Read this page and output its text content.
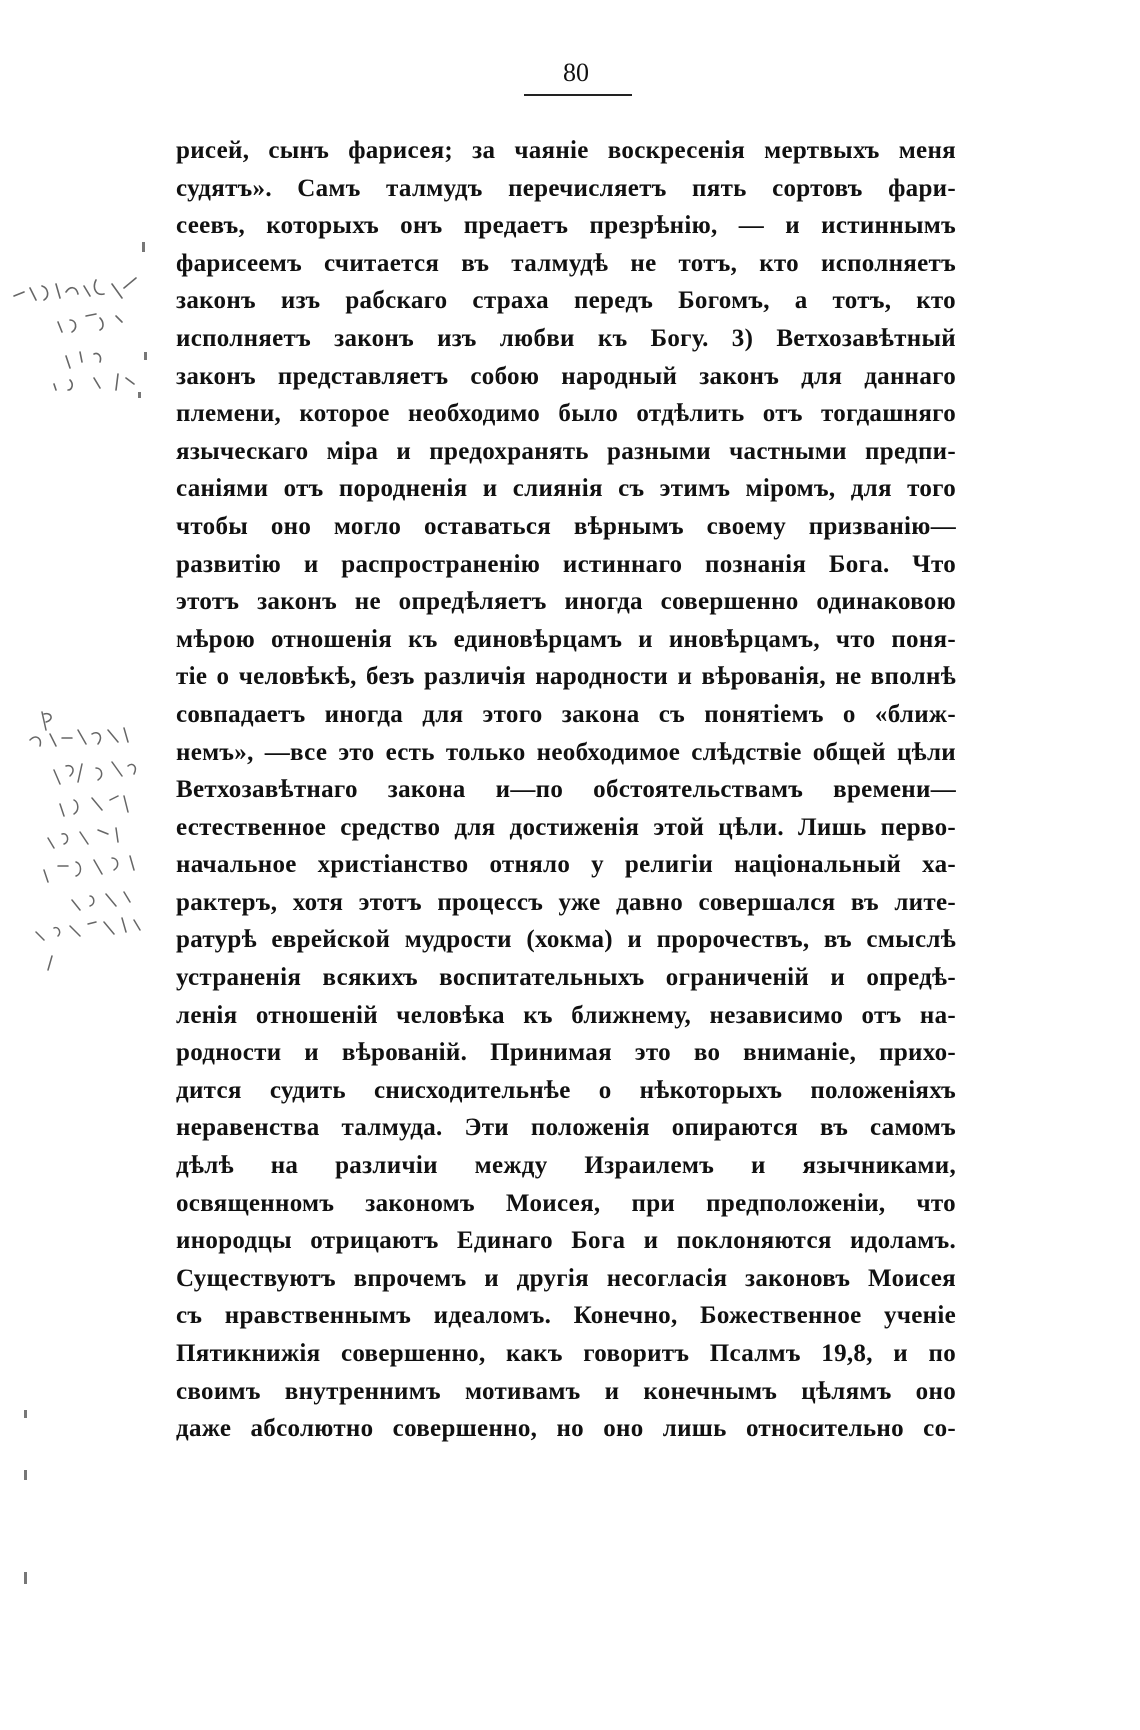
80
рисей, сынъ фарисея; за чаяніе воскресенія мертвыхъ меня
судятъ». Самъ талмудъ перечисляетъ пять сортовъ фари-
сеевъ, которыхъ онъ предаетъ презрѣнію, — и истиннымъ
фарисеемъ считается въ талмудѣ не тотъ, кто исполняетъ
законъ изъ рабскаго страха передъ Богомъ, а тотъ, кто
исполняетъ законъ изъ любви къ Богу. 3) Ветхозавѣтный
законъ представляетъ собою народный законъ для даннаго
племени, которое необходимо было отдѣлить отъ тогдашняго
языческаго міра и предохранять разными частными предпи-
саніями отъ породненія и слиянія съ этимъ міромъ, для того
чтобы оно могло оставаться вѣрнымъ своему призванію—
развитію и распространенію истиннаго познанія Бога. Что
этотъ законъ не опредѣляетъ иногда совершенно одинаковою
мѣрою отношенія къ единовѣрцамъ и иновѣрцамъ, что поня-
тіе о человѣкѣ, безъ различія народности и вѣрованія, не вполнѣ
совпадаетъ иногда для этого закона съ понятіемъ о «ближ-
немъ», —все это есть только необходимое слѣдствіе общей цѣли
Ветхозавѣтнаго закона и—по обстоятельствамъ времени—
естественное средство для достиженія этой цѣли. Лишь перво-
начальное христіанство отняло у религіи національный ха-
рактеръ, хотя этотъ процессъ уже давно совершался въ лите-
ратурѣ еврейской мудрости (хокма) и пророчествъ, въ смыслѣ
устраненія всякихъ воспитательныхъ ограниченій и опредѣ-
ленія отношеній человѣка къ ближнему, независимо отъ на-
родности и вѣрованій. Принимая это во вниманіе, прихо-
дится судить снисходительнѣе о нѣкоторыхъ положеніяхъ
неравенства талмуда. Эти положенія опираются въ самомъ
дѣлѣ на различіи между Израилемъ и язычниками,
освященномъ закономъ Моисея, при предположеніи, что
инородцы отрицаютъ Единаго Бога и поклоняются идоламъ.
Существуютъ впрочемъ и другія несогласія законовъ Моисея
съ нравственнымъ идеаломъ. Конечно, Божественное ученіе
Пятикнижія совершенно, какъ говоритъ Псалмъ 19,8, и по
своимъ внутреннимъ мотивамъ и конечнымъ цѣлямъ оно
даже абсолютно совершенно, но оно лишь относительно со-
